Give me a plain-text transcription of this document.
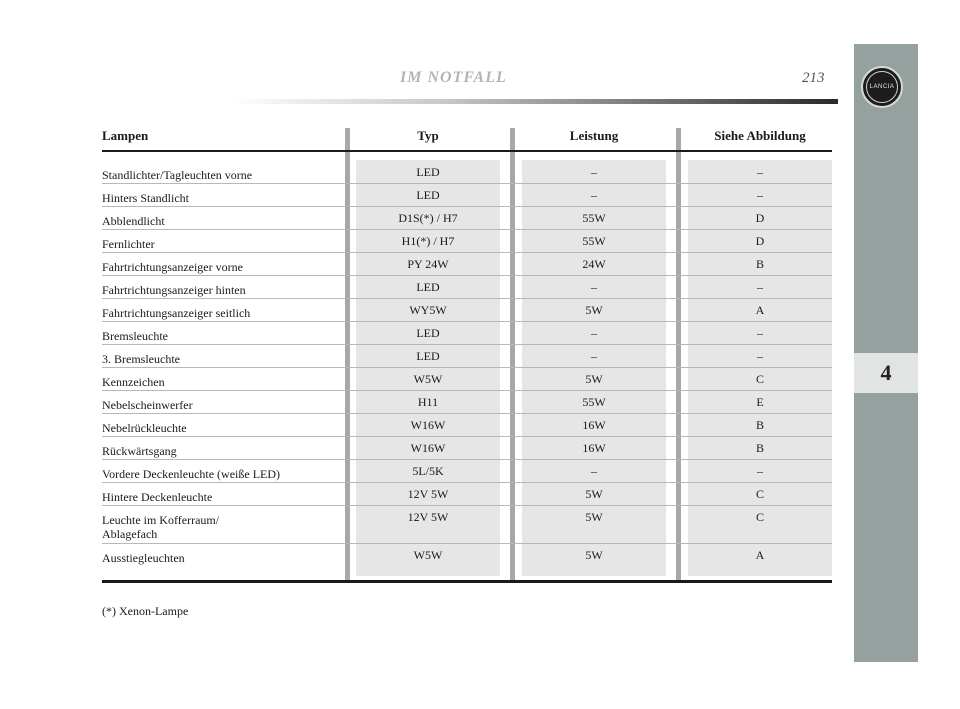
IM NOTFALL	213
LANCIA
4
Lampen	Typ	Leistung	Siehe Abbildung
Standlichter/Tagleuchten vorne	LED	–	–
Hinters Standlicht	LED	–	–
Abblendlicht	D1S(*) / H7	55W	D
Fernlichter	H1(*) / H7	55W	D
Fahrtrichtungsanzeiger vorne	PY 24W	24W	B
Fahrtrichtungsanzeiger hinten	LED	–	–
Fahrtrichtungsanzeiger seitlich	WY5W	5W	A
Bremsleuchte	LED	–	–
3. Bremsleuchte	LED	–	–
Kennzeichen	W5W	5W	C
Nebelscheinwerfer	H11	55W	E
Nebelrückleuchte	W16W	16W	B
Rückwärtsgang	W16W	16W	B
Vordere Deckenleuchte (weiße LED)	5L/5K	–	–
Hintere Deckenleuchte	12V 5W	5W	C
Leuchte im Kofferraum/
Ablagefach
12V 5W	5W	C
Ausstiegleuchten	W5W	5W	A
(*) Xenon-Lampe
